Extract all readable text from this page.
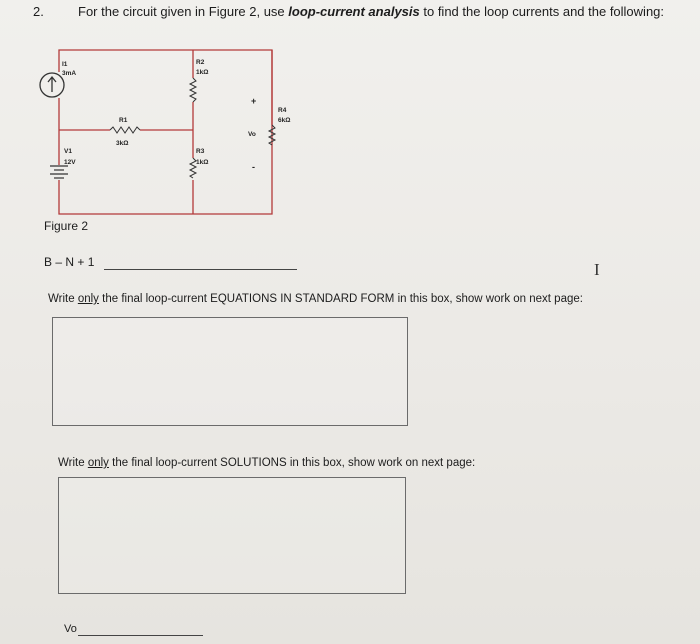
2.	For the circuit given in Figure 2, use loop-current analysis to find the loop currents and the following:
I1
3mA
V1
12V
R1
3kΩ
R2
1kΩ
R3
1kΩ
R4
6kΩ
Vo
+
-
Figure 2
B – N + 1	I
Write only the final loop-current EQUATIONS IN STANDARD FORM in this box, show work on next page:
Write only the final loop-current SOLUTIONS in this box, show work on next page:
Vo
